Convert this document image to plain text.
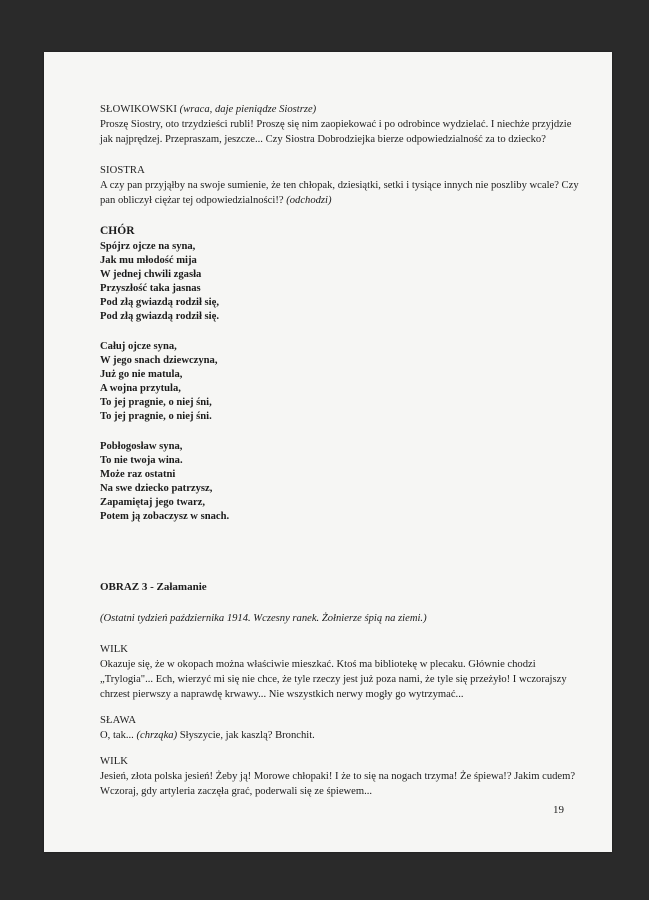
SŁOWIKOWSKI (wraca, daje pieniądze Siostrze)

Proszę Siostry, oto trzydzieści rubli! Proszę się nim zaopiekować i po odrobince wydzielać. I niechże przyjdzie jak najprędzej. Przepraszam, jeszcze... Czy Siostra Dobrodziejka bierze odpowiedzialność za to dziecko?

SIOSTRA

A czy pan przyjąłby na swoje sumienie, że ten chłopak, dziesiątki, setki i tysiące innych nie poszliby wcale? Czy pan obliczył ciężar tej odpowiedzialności!? (odchodzi)

CHÓR

Spójrz ojcze na syna,

Jak mu młodość mija

W jednej chwili zgasła

Przyszłość taka jasnas

Pod złą gwiazdą rodził się,

Pod złą gwiazdą rodził się.

Całuj ojcze syna,

W jego snach dziewczyna,

Już go nie matula,

A wojna przytula,

To jej pragnie, o niej śni,

To jej pragnie, o niej śni.

Pobłogosław syna,

To nie twoja wina.

Może raz ostatni

Na swe dziecko patrzysz,

Zapamiętaj jego twarz,

Potem ją zobaczysz w snach.

OBRAZ 3 - Załamanie

(Ostatni tydzień października 1914. Wczesny ranek. Żołnierze śpią na ziemi.)

WILK

Okazuje się, że w okopach można właściwie mieszkać. Ktoś ma bibliotekę w plecaku. Głównie chodzi „Trylogia"... Ech, wierzyć mi się nie chce, że tyle rzeczy jest już poza nami, że tyle się przeżyło! I wczorajszy chrzest pierwszy a naprawdę krwawy... Nie wszystkich nerwy mogły go wytrzymać...

SŁAWA

O, tak... (chrząka) Słyszycie, jak kaszlą? Bronchit.

WILK

Jesień, złota polska jesień! Żeby ją! Morowe chłopaki! I że to się na nogach trzyma! Że śpiewa!? Jakim cudem? Wczoraj, gdy artyleria zaczęła grać, poderwali się ze śpiewem...

19
